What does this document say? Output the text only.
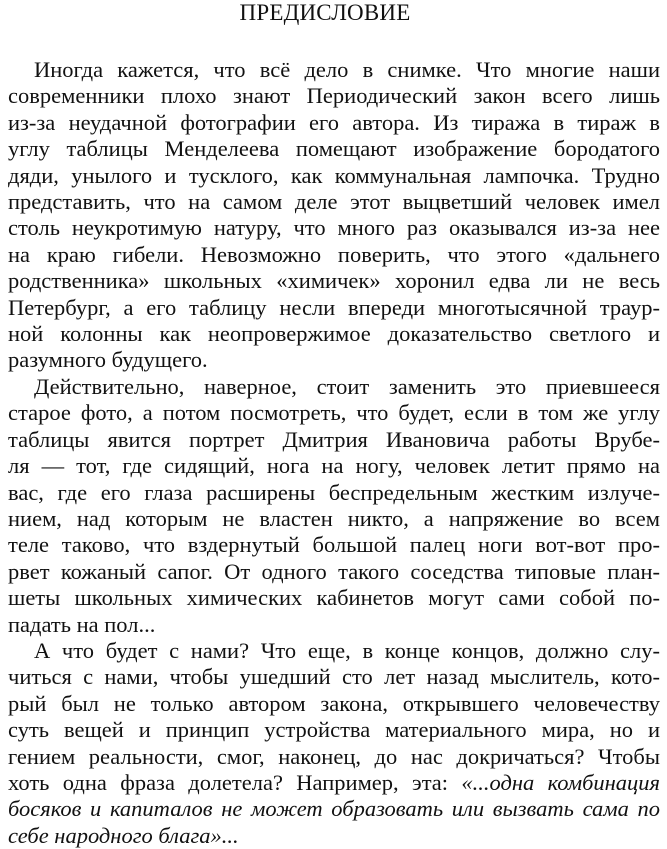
ПРЕДИСЛОВИЕ
Иногда кажется, что всё дело в снимке. Что многие наши
современники плохо знают Периодический закон всего лишь
из-за неудачной фотографии его автора. Из тиража в тираж в
углу таблицы Менделеева помещают изображение бородатого
дяди, унылого и тусклого, как коммунальная лампочка. Трудно
представить, что на самом деле этот выцветший человек имел
столь неукротимую натуру, что много раз оказывался из-за нее
на краю гибели. Невозможно поверить, что этого «дальнего
родственника» школьных «химичек» хоронил едва ли не весь
Петербург, а его таблицу несли впереди многотысячной траур-
ной колонны как неопровержимое доказательство светлого и
разумного будущего.
Действительно, наверное, стоит заменить это приевшееся
старое фото, а потом посмотреть, что будет, если в том же углу
таблицы явится портрет Дмитрия Ивановича работы Врубе-
ля — тот, где сидящий, нога на ногу, человек летит прямо на
вас, где его глаза расширены беспредельным жестким излуче-
нием, над которым не властен никто, а напряжение во всем
теле таково, что вздернутый большой палец ноги вот-вот про-
рвет кожаный сапог. От одного такого соседства типовые план-
шеты школьных химических кабинетов могут сами собой по-
падать на пол...
А что будет с нами? Что еще, в конце концов, должно слу-
читься с нами, чтобы ушедший сто лет назад мыслитель, кото-
рый был не только автором закона, открывшего человечеству
суть вещей и принцип устройства материального мира, но и
гением реальности, смог, наконец, до нас докричаться? Чтобы
хоть одна фраза долетела? Например, эта: «...одна комбинация
босяков и капиталов не может образовать или вызвать сама по
себе народного блага»...
